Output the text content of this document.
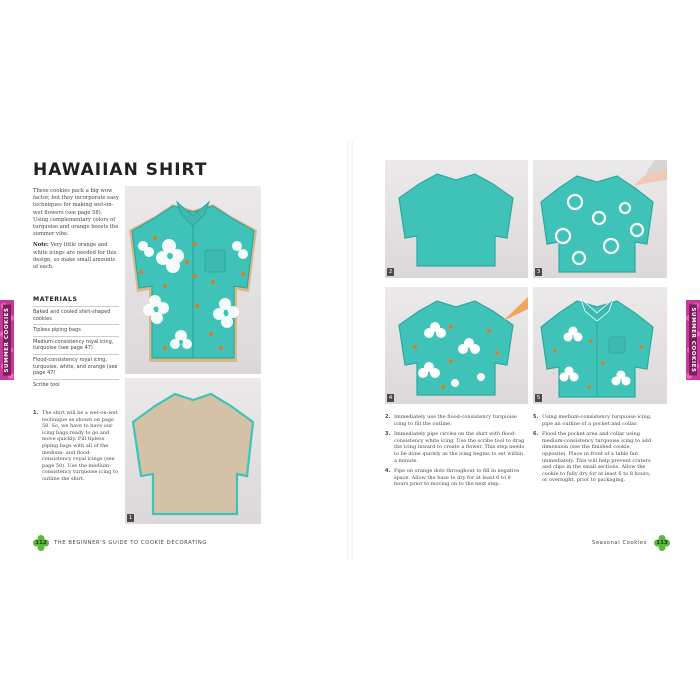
HAWAIIAN SHIRT

These cookies pack a big wow factor, but they incorporate easy techniques for making wet-on-wet flowers (see page 58). Using complementary colors of turquoise and orange boosts the summer vibe.

Note: Very little orange and white icings are needed for this design, so make small amounts of each.

MATERIALS
Baked and cooled shirt-shaped cookies
Tipless piping bags
Medium-consistency royal icing, turquoise (see page 47)
Flood-consistency royal icing, turquoise, white, and orange (see page 47)
Scribe tool
1. The shirt will be a wet-on-wet technique as shown on page 58. So, we have to have our icing bags ready to go and move quickly. Fill tipless piping bags with all of the medium- and flood-consistency royal icings (see page 50). Use the medium-consistency turquoise icing to outline the shirt.
1
SUMMER COOKIES
112	THE BEGINNER'S GUIDE TO COOKIE DECORATING
2	3
4	5
SUMMER COOKIES
2. Immediately use the flood-consistency turquoise icing to fill the outline.
3. Immediately pipe circles on the shirt with flood-consistency white icing. Use the scribe tool to drag the icing inward to create a flower. This step needs to be done quickly as the icing begins to set within a minute.
4. Pipe on orange dots throughout to fill in negative space. Allow the base to dry for at least 6 to 8 hours prior to moving on to the next step.
5. Using medium-consistency turquoise icing, pipe an outline of a pocket and collar.
6. Flood the pocket area and collar using medium-consistency turquoise icing to add dimension (see the finished cookie, opposite). Place in front of a table fan immediately. This will help prevent craters and clips in the small sections. Allow the cookie to fully dry for at least 6 to 8 hours, or overnight, prior to packaging.
Seasonal Cookies	113
